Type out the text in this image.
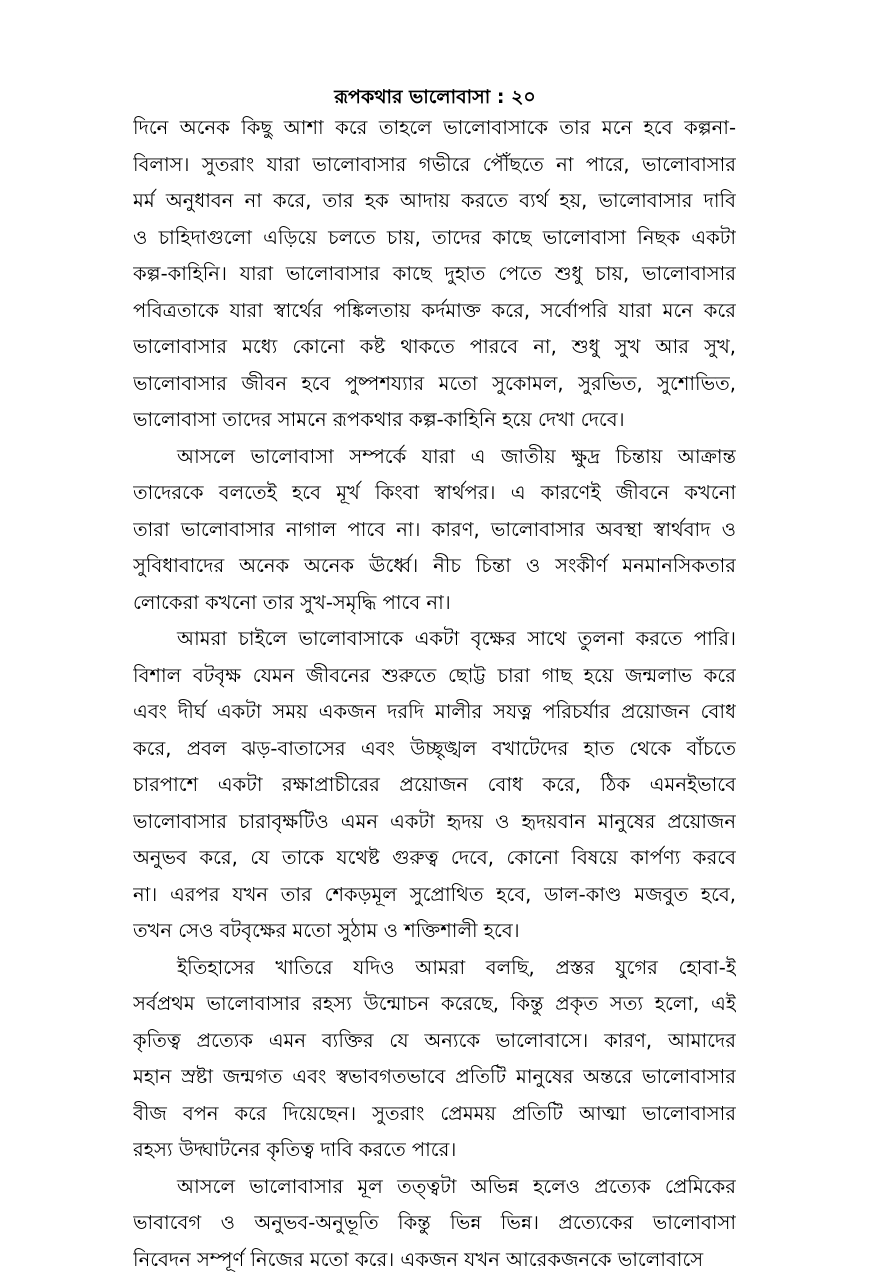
রূপকথার ভালোবাসা : ২০
দিনে অনেক কিছু আশা করে তাহলে ভালোবাসাকে তার মনে হবে কল্পনা-
বিলাস। সুতরাং যারা ভালোবাসার গভীরে পৌঁছতে না পারে, ভালোবাসার
মর্ম অনুধাবন না করে, তার হক আদায় করতে ব্যর্থ হয়, ভালোবাসার দাবি
ও চাহিদাগুলো এড়িয়ে চলতে চায়, তাদের কাছে ভালোবাসা নিছক একটা
কল্প-কাহিনি। যারা ভালোবাসার কাছে দুহাত পেতে শুধু চায়, ভালোবাসার
পবিত্রতাকে যারা স্বার্থের পঙ্কিলতায় কর্দমাক্ত করে, সর্বোপরি যারা মনে করে
ভালোবাসার মধ্যে কোনো কষ্ট থাকতে পারবে না, শুধু সুখ আর সুখ,
ভালোবাসার জীবন হবে পুষ্পশয্যার মতো সুকোমল, সুরভিত, সুশোভিত,
ভালোবাসা তাদের সামনে রূপকথার কল্প-কাহিনি হয়ে দেখা দেবে।
আসলে ভালোবাসা সম্পর্কে যারা এ জাতীয় ক্ষুদ্র চিন্তায় আক্রান্ত
তাদেরকে বলতেই হবে মূর্খ কিংবা স্বার্থপর। এ কারণেই জীবনে কখনো
তারা ভালোবাসার নাগাল পাবে না। কারণ, ভালোবাসার অবস্থা স্বার্থবাদ ও
সুবিধাবাদের অনেক অনেক ঊর্ধ্বে। নীচ চিন্তা ও সংকীর্ণ মনমানসিকতার
লোকেরা কখনো তার সুখ-সমৃদ্ধি পাবে না।
আমরা চাইলে ভালোবাসাকে একটা বৃক্ষের সাথে তুলনা করতে পারি।
বিশাল বটবৃক্ষ যেমন জীবনের শুরুতে ছোট্ট চারা গাছ হয়ে জন্মলাভ করে
এবং দীর্ঘ একটা সময় একজন দরদি মালীর সযত্ন পরিচর্যার প্রয়োজন বোধ
করে, প্রবল ঝড়-বাতাসের এবং উচ্ছৃঙ্খল বখাটেদের হাত থেকে বাঁচতে
চারপাশে একটা রক্ষাপ্রাচীরের প্রয়োজন বোধ করে, ঠিক এমনইভাবে
ভালোবাসার চারাবৃক্ষটিও এমন একটা হৃদয় ও হৃদয়বান মানুষের প্রয়োজন
অনুভব করে, যে তাকে যথেষ্ট গুরুত্ব দেবে, কোনো বিষয়ে কার্পণ্য করবে
না। এরপর যখন তার শেকড়মূল সুপ্রোথিত হবে, ডাল-কাণ্ড মজবুত হবে,
তখন সেও বটবৃক্ষের মতো সুঠাম ও শক্তিশালী হবে।
ইতিহাসের খাতিরে যদিও আমরা বলছি, প্রস্তর যুগের হোবা-ই
সর্বপ্রথম ভালোবাসার রহস্য উন্মোচন করেছে, কিন্তু প্রকৃত সত্য হলো, এই
কৃতিত্ব প্রত্যেক এমন ব্যক্তির যে অন্যকে ভালোবাসে। কারণ, আমাদের
মহান স্রষ্টা জন্মগত এবং স্বভাবগতভাবে প্রতিটি মানুষের অন্তরে ভালোবাসার
বীজ বপন করে দিয়েছেন। সুতরাং প্রেমময় প্রতিটি আত্মা ভালোবাসার
রহস্য উদ্ঘাটনের কৃতিত্ব দাবি করতে পারে।
আসলে ভালোবাসার মূল তত্ত্বটা অভিন্ন হলেও প্রত্যেক প্রেমিকের
ভাবাবেগ ও অনুভব-অনুভূতি কিন্তু ভিন্ন ভিন্ন। প্রত্যেকের ভালোবাসা
নিবেদন সম্পূর্ণ নিজের মতো করে। একজন যখন আরেকজনকে ভালোবাসে
